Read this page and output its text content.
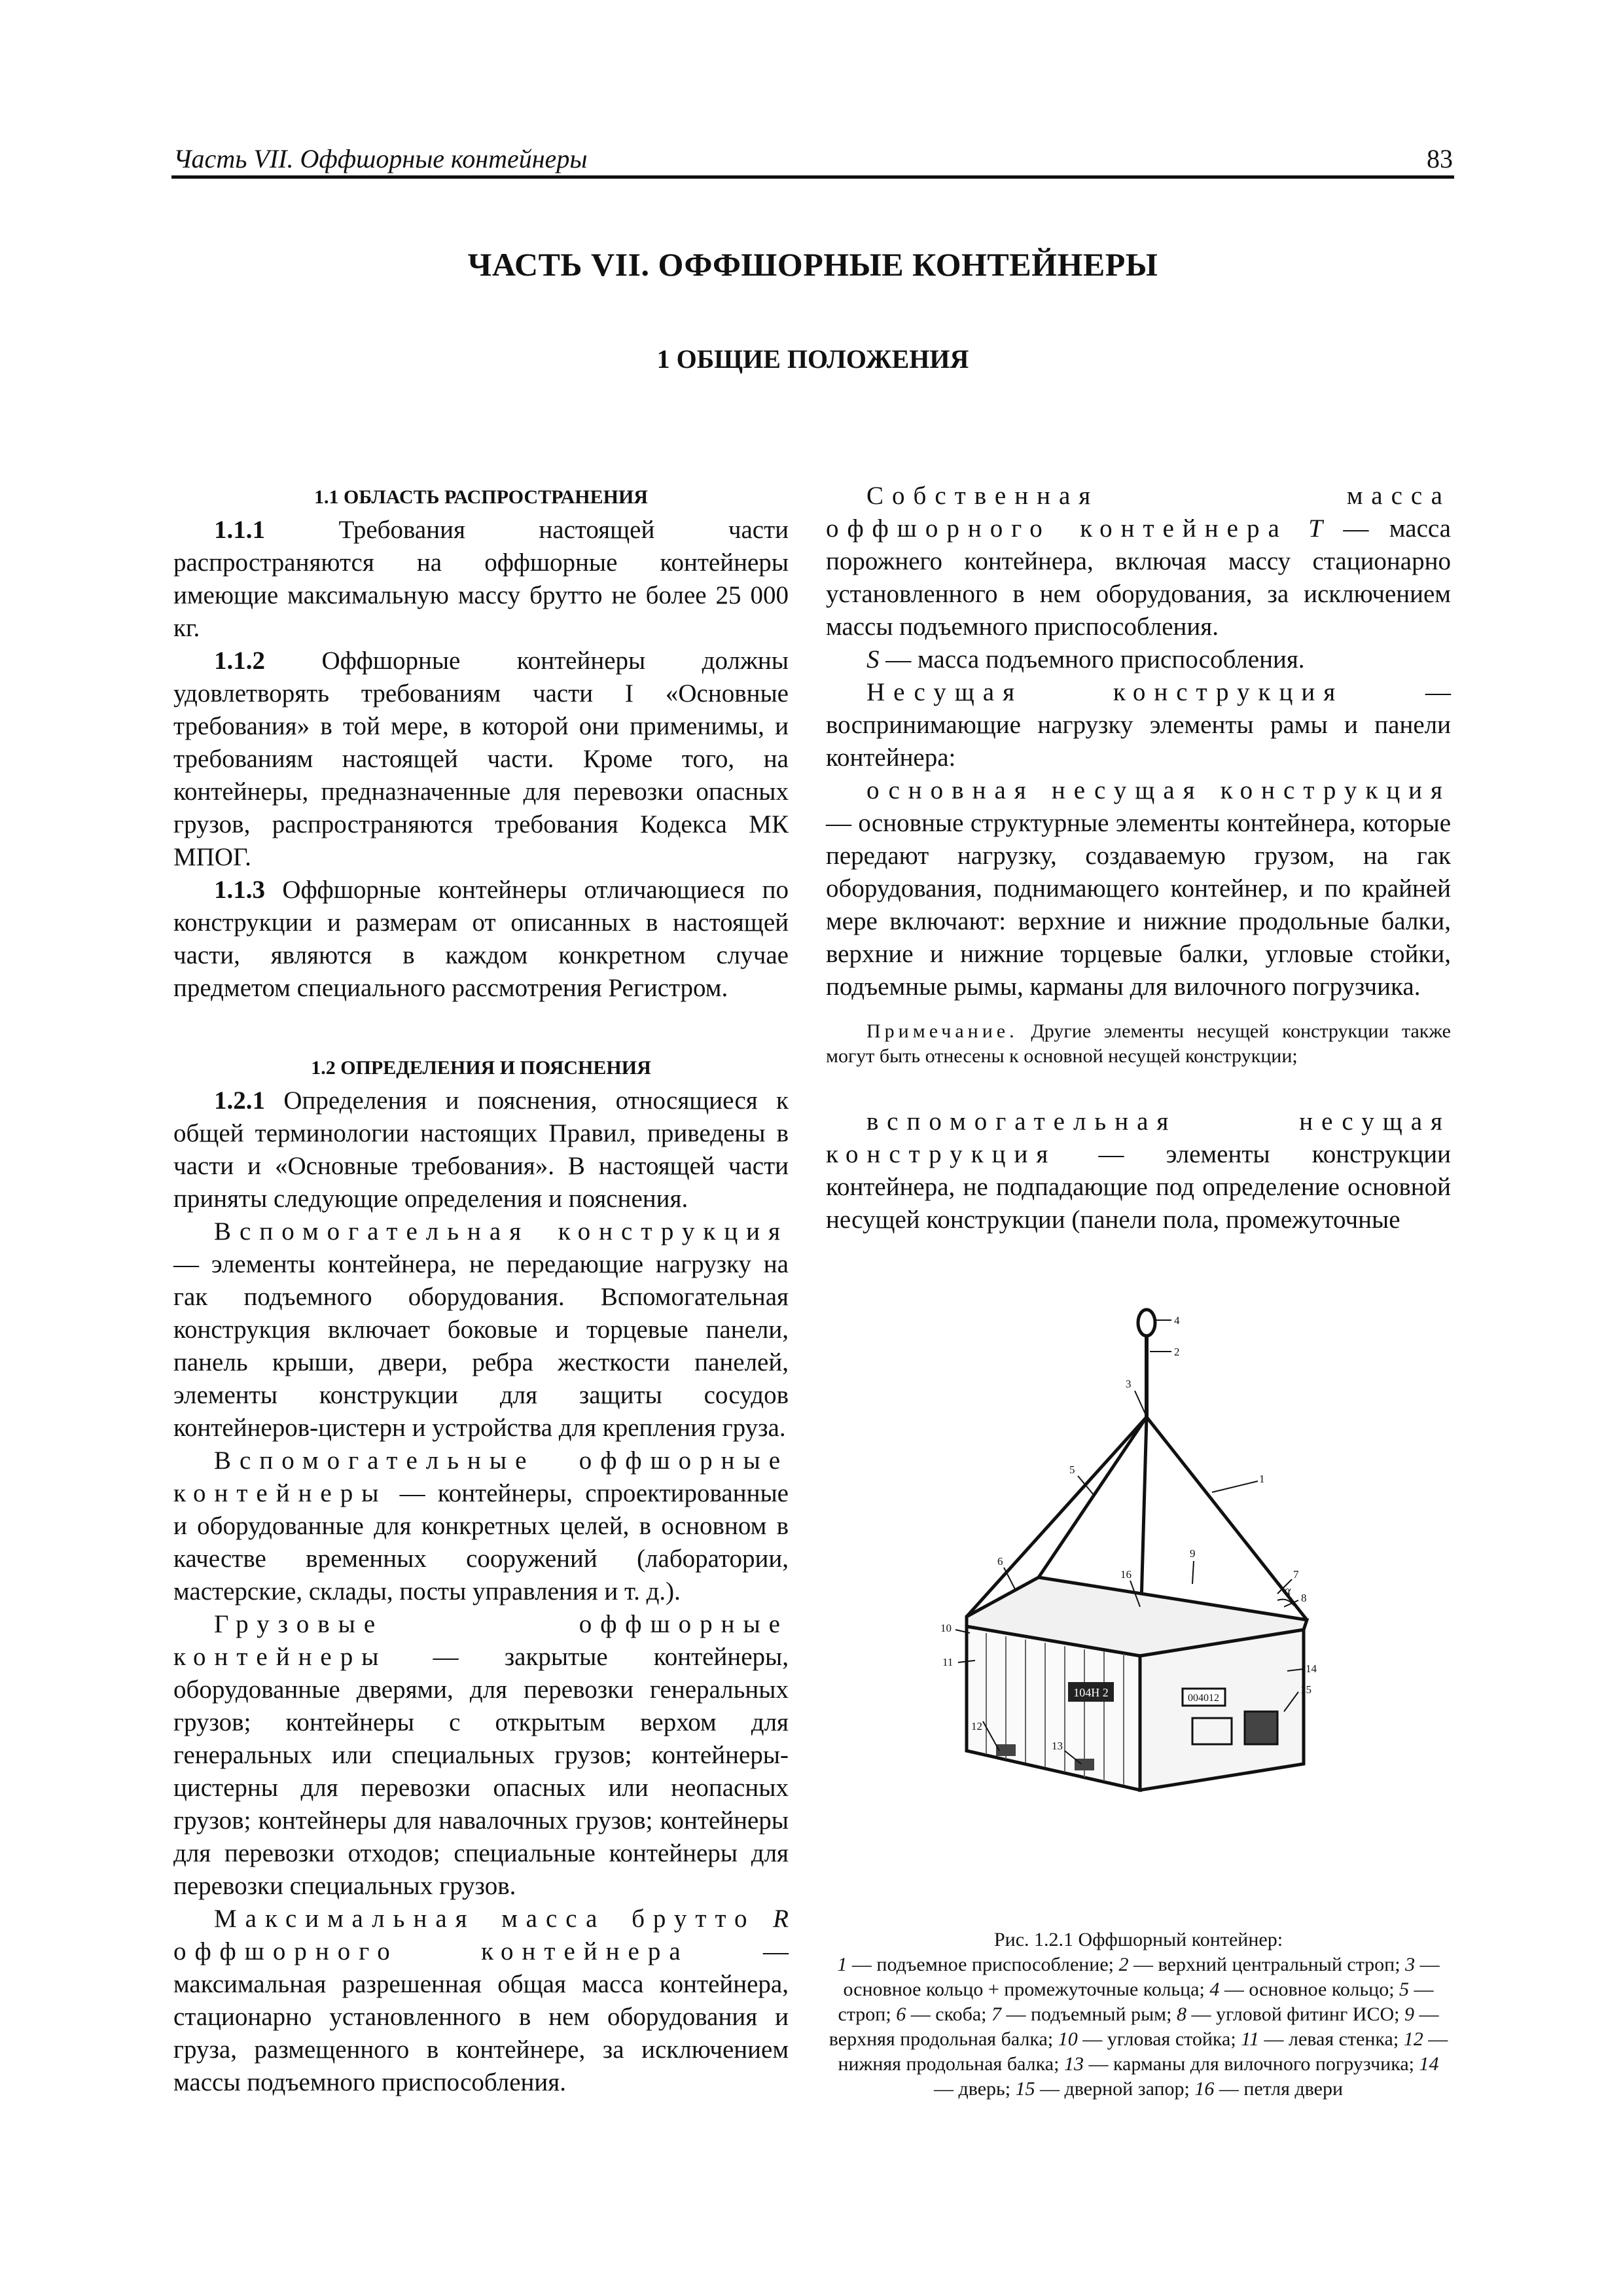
Часть VII. Оффшорные контейнеры	83
ЧАСТЬ VII. ОФФШОРНЫЕ КОНТЕЙНЕРЫ
1 ОБЩИЕ ПОЛОЖЕНИЯ

1.1 ОБЛАСТЬ РАСПРОСТРАНЕНИЯ

1.1.1 Требования настоящей части распространяются на оффшорные контейнеры имеющие максимальную массу брутто не более 25 000 кг.

1.1.2 Оффшорные контейнеры должны удовлетворять требованиям части I «Основные требования» в той мере, в которой они применимы, и требованиям настоящей части. Кроме того, на контейнеры, предназначенные для перевозки опасных грузов, распространяются требования Кодекса МК МПОГ.

1.1.3 Оффшорные контейнеры отличающиеся по конструкции и размерам от описанных в настоящей части, являются в каждом конкретном случае предметом специального рассмотрения Регистром.

1.2 ОПРЕДЕЛЕНИЯ И ПОЯСНЕНИЯ

1.2.1 Определения и пояснения, относящиеся к общей терминологии настоящих Правил, приведены в части и «Основные требования». В настоящей части приняты следующие определения и пояснения.

Вспомогательная конструкция — элементы контейнера, не передающие нагрузку на гак подъемного оборудования. Вспомогательная конструкция включает боковые и торцевые панели, панель крыши, двери, ребра жесткости панелей, элементы конструкции для защиты сосудов контейнеров-цистерн и устройства для крепления груза.

Вспомогательные оффшорные контейнеры — контейнеры, спроектированные и оборудованные для конкретных целей, в основном в качестве временных сооружений (лаборатории, мастерские, склады, посты управления и т. д.).

Грузовые оффшорные контейнеры — закрытые контейнеры, оборудованные дверями, для перевозки генеральных грузов; контейнеры с открытым верхом для генеральных или специальных грузов; контейнеры-цистерны для перевозки опасных или неопасных грузов; контейнеры для навалочных грузов; контейнеры для перевозки отходов; специальные контейнеры для перевозки специальных грузов.

Максимальная масса брутто R оффшорного контейнера — максимальная разрешенная общая масса контейнера, стационарно установленного в нем оборудования и груза, размещенного в контейнере, за исключением массы подъемного приспособления.

Собственная масса оффшорного контейнера T — масса порожнего контейнера, включая массу стационарно установленного в нем оборудования, за исключением массы подъемного приспособления.

S — масса подъемного приспособления.

Несущая конструкция — воспринимающие нагрузку элементы рамы и панели контейнера:

основная несущая конструкция — основные структурные элементы контейнера, которые передают нагрузку, создаваемую грузом, на гак оборудования, поднимающего контейнер, и по крайней мере включают: верхние и нижние продольные балки, верхние и нижние торцевые балки, угловые стойки, подъемные рымы, карманы для вилочного погрузчика.

Примечание. Другие элементы несущей конструкции также могут быть отнесены к основной несущей конструкции;

вспомогательная несущая конструкция — элементы конструкции контейнера, не подпадающие под определение основной несущей конструкции (панели пола, промежуточные

104Н 2	004012
α
4
2
3
1
5
6
7
8
9
16
10
11
14
15
12
13
Рис. 1.2.1 Оффшорный контейнер:
1 — подъемное приспособление; 2 — верхний центральный строп; 3 — основное кольцо + промежуточные кольца; 4 — основное кольцо; 5 — строп; 6 — скоба; 7 — подъемный рым; 8 — угловой фитинг ИСО; 9 — верхняя продольная балка; 10 — угловая стойка; 11 — левая стенка; 12 — нижняя продольная балка; 13 — карманы для вилочного погрузчика; 14 — дверь; 15 — дверной запор; 16 — петля двери
